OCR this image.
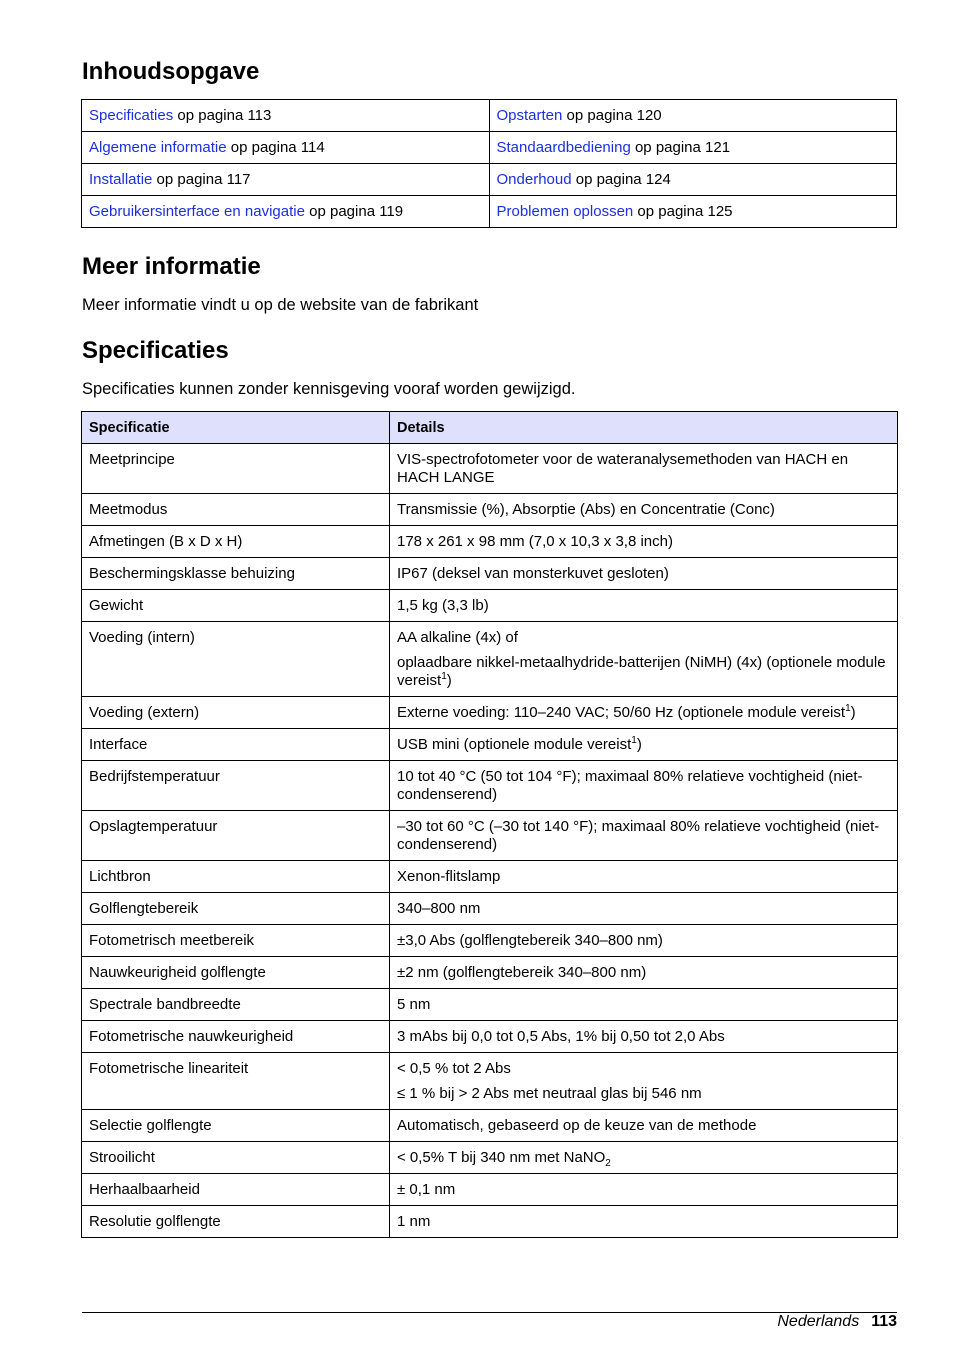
Inhoudsopgave
Specificaties op pagina 113	Opstarten op pagina 120
Algemene informatie op pagina 114	Standaardbediening op pagina 121
Installatie op pagina 117	Onderhoud op pagina 124
Gebruikersinterface en navigatie op pagina 119	Problemen oplossen op pagina 125
Meer informatie

Meer informatie vindt u op de website van de fabrikant

Specificaties

Specificaties kunnen zonder kennisgeving vooraf worden gewijzigd.

Specificatie	Details
Meetprincipe	VIS-spectrofotometer voor de wateranalysemethoden van HACH en HACH LANGE
Meetmodus	Transmissie (%), Absorptie (Abs) en Concentratie (Conc)
Afmetingen (B x D x H)	178 x 261 x 98 mm (7,0 x 10,3 x 3,8 inch)
Beschermingsklasse behuizing	IP67 (deksel van monsterkuvet gesloten)
Gewicht	1,5 kg (3,3 lb)
Voeding (intern)	AA alkaline (4x) of
oplaadbare nikkel-metaalhydride-batterijen (NiMH) (4x) (optionele module vereist$^1$)

Voeding (extern)	Externe voeding: 110–240 VAC; 50/60 Hz (optionele module vereist$^1$)
Interface	USB mini (optionele module vereist$^1$)
Bedrijfstemperatuur	10 tot 40 °C (50 tot 104 °F); maximaal 80% relatieve vochtigheid (niet-condenserend)
Opslagtemperatuur	–30 tot 60 °C (–30 tot 140 °F); maximaal 80% relatieve vochtigheid (niet-condenserend)
Lichtbron	Xenon-flitslamp
Golflengtebereik	340–800 nm
Fotometrisch meetbereik	±3,0 Abs (golflengtebereik 340–800 nm)
Nauwkeurigheid golflengte	±2 nm (golflengtebereik 340–800 nm)
Spectrale bandbreedte	5 nm
Fotometrische nauwkeurigheid	3 mAbs bij 0,0 tot 0,5 Abs, 1% bij 0,50 tot 2,0 Abs
Fotometrische lineariteit	< 0,5 % tot 2 Abs
≤ 1 % bij > 2 Abs met neutraal glas bij 546 nm

Selectie golflengte	Automatisch, gebaseerd op de keuze van de methode
Strooilicht	< 0,5% T bij 340 nm met NaNO$_2$
Herhaalbaarheid	± 0,1 nm
Resolutie golflengte	1 nm
Nederlands 113
